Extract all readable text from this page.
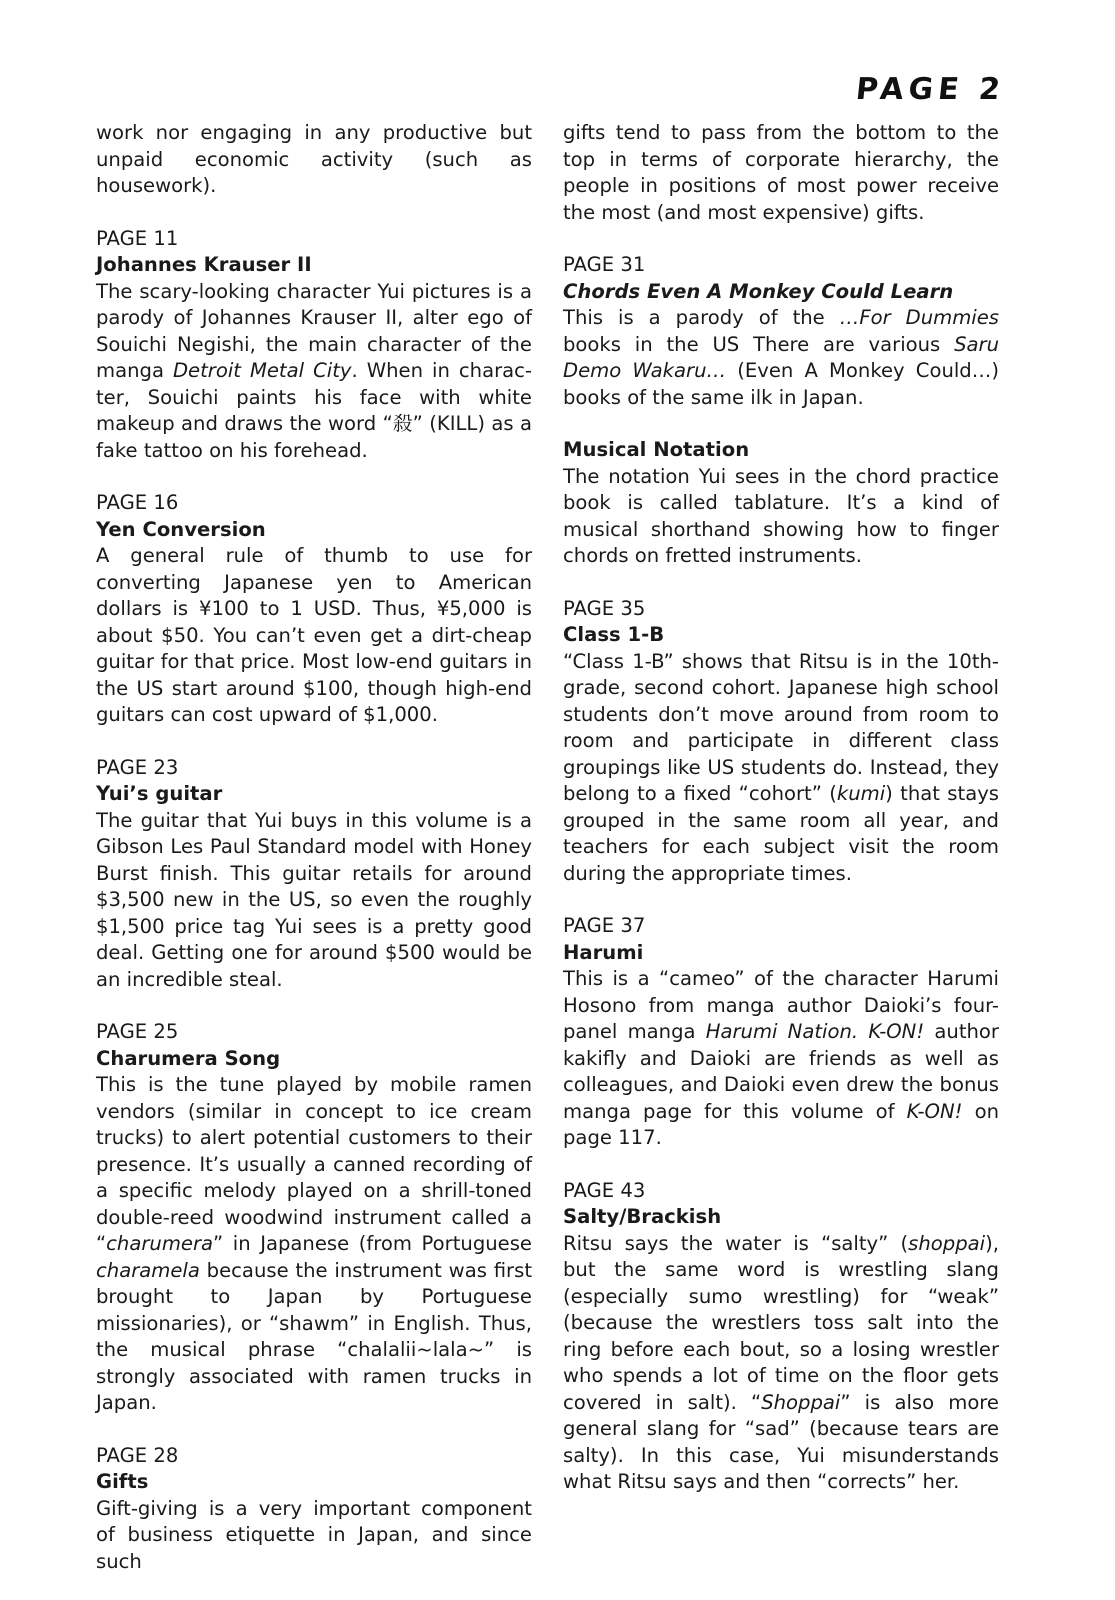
PAGE 2

work nor engaging in any productive but unpaid economic activity (such as housework).

PAGE 11

Johannes Krauser II

The scary-looking character Yui pictures is a parody of Johannes Krauser II, alter ego of Souichi Negishi, the main character of the manga Detroit Metal City. When in character, Souichi paints his face with white makeup and draws the word “殺” (KILL) as a fake tattoo on his forehead.

PAGE 16

Yen Conversion

A general rule of thumb to use for converting Japanese yen to American dollars is ¥100 to 1 USD. Thus, ¥5,000 is about $50. You can’t even get a dirt-cheap guitar for that price. Most low-end guitars in the US start around $100, though high-end guitars can cost upward of $1,000.

PAGE 23

Yui’s guitar

The guitar that Yui buys in this volume is a Gibson Les Paul Standard model with Honey Burst finish. This guitar retails for around $3,500 new in the US, so even the roughly $1,500 price tag Yui sees is a pretty good deal. Getting one for around $500 would be an incredible steal.

PAGE 25

Charumera Song

This is the tune played by mobile ramen vendors (similar in concept to ice cream trucks) to alert potential customers to their presence. It’s usually a canned recording of a specific melody played on a shrill-toned double-reed woodwind instrument called a “charumera” in Japanese (from Portuguese charamela because the instrument was first brought to Japan by Portuguese missionaries), or “shawm” in English. Thus, the musical phrase “chalalii~lala~” is strongly associated with ramen trucks in Japan.

PAGE 28

Gifts

Gift-giving is a very important component of business etiquette in Japan, and since such

gifts tend to pass from the bottom to the top in terms of corporate hierarchy, the people in positions of most power receive the most (and most expensive) gifts.

PAGE 31

Chords Even A Monkey Could Learn

This is a parody of the …For Dummies books in the US There are various Saru Demo Wakaru… (Even A Monkey Could…) books of the same ilk in Japan.

Musical Notation

The notation Yui sees in the chord practice book is called tablature. It’s a kind of musical shorthand showing how to finger chords on fretted instruments.

PAGE 35

Class 1-B

“Class 1-B” shows that Ritsu is in the 10th-grade, second cohort. Japanese high school students don’t move around from room to room and participate in different class groupings like US students do. Instead, they belong to a fixed “cohort” (kumi) that stays grouped in the same room all year, and teachers for each subject visit the room during the appropriate times.

PAGE 37

Harumi

This is a “cameo” of the character Harumi Hosono from manga author Daioki’s four-panel manga Harumi Nation. K-ON! author kakifly and Daioki are friends as well as colleagues, and Daioki even drew the bonus manga page for this volume of K-ON! on page 117.

PAGE 43

Salty/Brackish

Ritsu says the water is “salty” (shoppai), but the same word is wrestling slang (especially sumo wrestling) for “weak” (because the wrestlers toss salt into the ring before each bout, so a losing wrestler who spends a lot of time on the floor gets covered in salt). “Shoppai” is also more general slang for “sad” (because tears are salty). In this case, Yui misunderstands what Ritsu says and then “corrects” her.
